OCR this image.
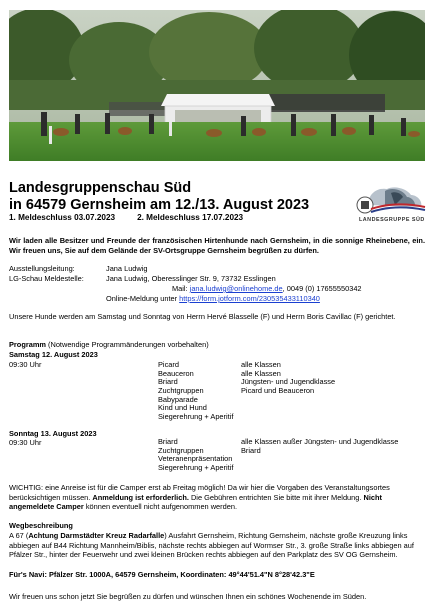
Landesgruppenschau Süd
in 64579 Gernsheim am 12./13. August 2023
1. Meldeschluss 03.07.2023	2. Meldeschluss 17.07.2023	LANDESGRUPPE SÜD
Wir laden alle Besitzer und Freunde der französischen Hirtenhunde nach Gernsheim, in die sonnige Rheinebene, ein. Wir freuen uns, Sie auf dem Gelände der SV-Ortsgruppe Gernsheim begrüßen zu dürfen.
Ausstellungsleitung:	Jana Ludwig
LG-Schau Meldestelle:	Jana Ludwig, Oberesslinger Str. 9, 73732 Esslingen
Mail: jana.ludwig@onlinehome.de, 0049 (0) 17655550342
Online-Meldung unter https://form.jotform.com/230535433110340
Unsere Hunde werden am Samstag und Sonntag von Herrn Hervé Blasselle (F) und Herrn Boris Cavillac (F) gerichtet.
Programm (Notwendige Programmänderungen vorbehalten)
Samstag 12. August 2023
09:30 Uhr	Picard	alle Klassen
Beauceron	alle Klassen
Briard	Jüngsten- und Jugendklasse
Zuchtgruppen	Picard und Beauceron
Babyparade
Kind und Hund
Siegerehrung + Aperitif
Sonntag 13. August 2023
09:30 Uhr	Briard	alle Klassen außer Jüngsten- und Jugendklasse
Zuchtgruppen	Briard
Veteranenpräsentation
Siegerehrung + Aperitif
WICHTIG: eine Anreise ist für die Camper erst ab Freitag möglich! Da wir hier die Vorgaben des Veranstaltungsortes berücksichtigen müssen. Anmeldung ist erforderlich. Die Gebühren entrichten Sie bitte mit ihrer Meldung. Nicht angemeldete Camper können eventuell nicht aufgenommen werden.
Wegbeschreibung
A 67 (Achtung Darmstädter Kreuz Radarfalle) Ausfahrt Gernsheim, Richtung Gernsheim, nächste große Kreuzung links abbiegen auf B44 Richtung Mannheim/Biblis, nächste rechts abbiegen auf Wormser Str., 3. große Straße links abbiegen auf Pfälzer Str., hinter der Feuerwehr und zwei kleinen Brücken rechts abbiegen auf den Parkplatz des SV OG Gernsheim.
Für's Navi: Pfälzer Str. 1000A, 64579 Gernsheim, Koordinaten: 49°44'51.4"N 8°28'42.3"E
Wir freuen uns schon jetzt Sie begrüßen zu dürfen und wünschen Ihnen ein schönes Wochenende im Süden.
